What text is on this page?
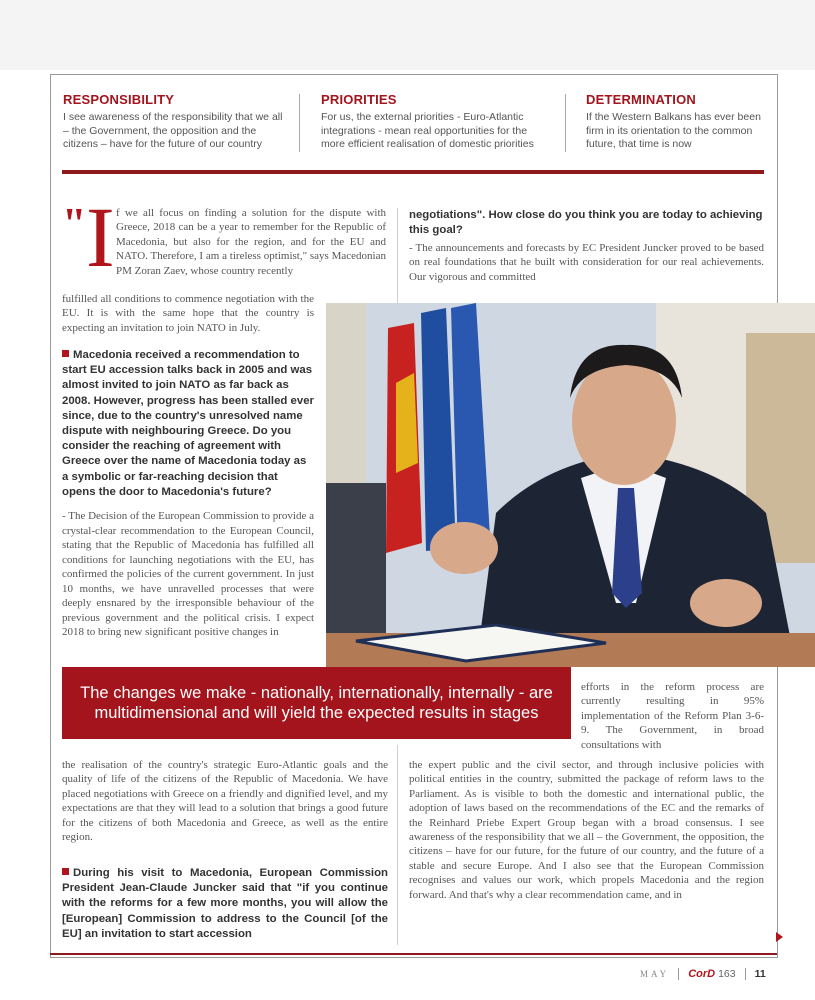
RESPONSIBILITY

I see awareness of the responsibility that we all – the Government, the opposition and the citizens – have for the future of our country

PRIORITIES

For us, the external priorities - Euro-Atlantic integrations - mean real opportunities for the more efficient realisation of domestic priorities

DETERMINATION

If the Western Balkans has ever been firm in its orientation to the common future, that time is now

" I f we all focus on finding a solution for the dispute with Greece, 2018 can be a year to remember for the Republic of Macedonia, but also for the region, and for the EU and NATO. Therefore, I am a tireless optimist," says Macedonian PM Zoran Zaev, whose country recently

fulfilled all conditions to commence negotiation with the EU. It is with the same hope that the country is expecting an invitation to join NATO in July.

Macedonia received a recommendation to start EU accession talks back in 2005 and was almost invited to join NATO as far back as 2008. However, progress has been stalled ever since, due to the country's unresolved name dispute with neighbouring Greece. Do you consider the reaching of agreement with Greece over the name of Macedonia today as a symbolic or far-reaching decision that opens the door to Macedonia's future?

- The Decision of the European Commission to provide a crystal-clear recommendation to the European Council, stating that the Republic of Macedonia has fulfilled all conditions for launching negotiations with the EU, has confirmed the policies of the current government. In just 10 months, we have unravelled processes that were deeply ensnared by the irresponsible behaviour of the previous government and the political crisis. I expect 2018 to bring new significant positive changes in

negotiations". How close do you think you are today to achieving this goal?

- The announcements and forecasts by EC President Juncker proved to be based on real foundations that he built with consideration for our real achievements. Our vigorous and committed

The changes we make - nationally, internationally, internally - are multidimensional and will yield the expected results in stages

efforts in the reform process are currently resulting in 95% implementation of the Reform Plan 3-6-9. The Government, in broad consultations with

the realisation of the country's strategic Euro-Atlantic goals and the quality of life of the citizens of the Republic of Macedonia. We have placed negotiations with Greece on a friendly and dignified level, and my expectations are that they will lead to a solution that brings a good future for the citizens of both Macedonia and Greece, as well as the entire region.

During his visit to Macedonia, European Commission President Jean-Claude Juncker said that "if you continue with the reforms for a few more months, you will allow the [European] Commission to address to the Council [of the EU] an invitation to start accession

the expert public and the civil sector, and through inclusive policies with political entities in the country, submitted the package of reform laws to the Parliament. As is visible to both the domestic and international public, the adoption of laws based on the recommendations of the EC and the remarks of the Reinhard Priebe Expert Group began with a broad consensus. I see awareness of the responsibility that we all – the Government, the opposition, the citizens – have for our future, for the future of our country, and the future of a stable and secure Europe. And I also see that the European Commission recognises and values our work, which propels Macedonia and the region forward. And that's why a clear recommendation came, and in

MAY CorD 163 11
